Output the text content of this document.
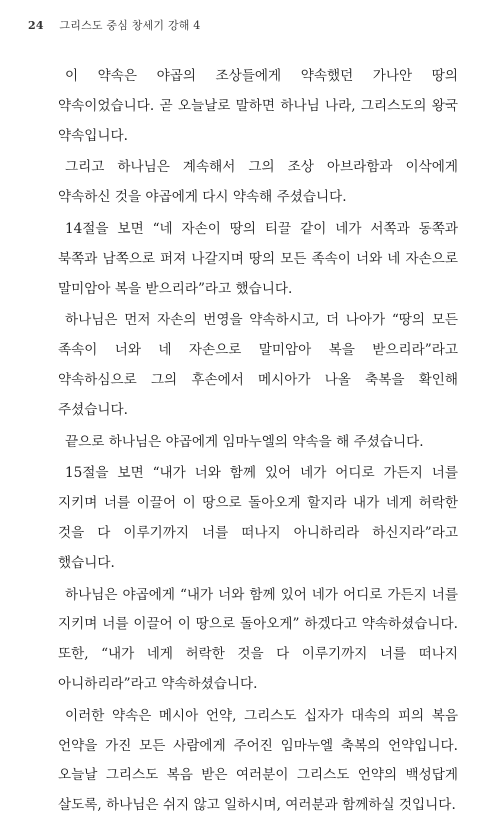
24 그리스도 중심 창세기 강해 4

이 약속은 야곱의 조상들에게 약속했던 가나안 땅의 약속이었습니다. 곧 오늘날로 말하면 하나님 나라, 그리스도의 왕국 약속입니다.

그리고 하나님은 계속해서 그의 조상 아브라함과 이삭에게 약속하신 것을 야곱에게 다시 약속해 주셨습니다.

14절을 보면 “네 자손이 땅의 티끌 같이 네가 서쪽과 동쪽과 북쪽과 남쪽으로 퍼져 나갈지며 땅의 모든 족속이 너와 네 자손으로 말미암아 복을 받으리라”라고 했습니다.

하나님은 먼저 자손의 번영을 약속하시고, 더 나아가 “땅의 모든 족속이 너와 네 자손으로 말미암아 복을 받으리라”라고 약속하심으로 그의 후손에서 메시아가 나올 축복을 확인해 주셨습니다.

끝으로 하나님은 야곱에게 임마누엘의 약속을 해 주셨습니다.

15절을 보면 “내가 너와 함께 있어 네가 어디로 가든지 너를 지키며 너를 이끌어 이 땅으로 돌아오게 할지라 내가 네게 허락한 것을 다 이루기까지 너를 떠나지 아니하리라 하신지라”라고 했습니다.

하나님은 야곱에게 “내가 너와 함께 있어 네가 어디로 가든지 너를 지키며 너를 이끌어 이 땅으로 돌아오게” 하겠다고 약속하셨습니다. 또한, “내가 네게 허락한 것을 다 이루기까지 너를 떠나지 아니하리라”라고 약속하셨습니다.

이러한 약속은 메시아 언약, 그리스도 십자가 대속의 피의 복음 언약을 가진 모든 사람에게 주어진 임마누엘 축복의 언약입니다. 오늘날 그리스도 복음 받은 여러분이 그리스도 언약의 백성답게 살도록, 하나님은 쉬지 않고 일하시며, 여러분과 함께하실 것입니다.
